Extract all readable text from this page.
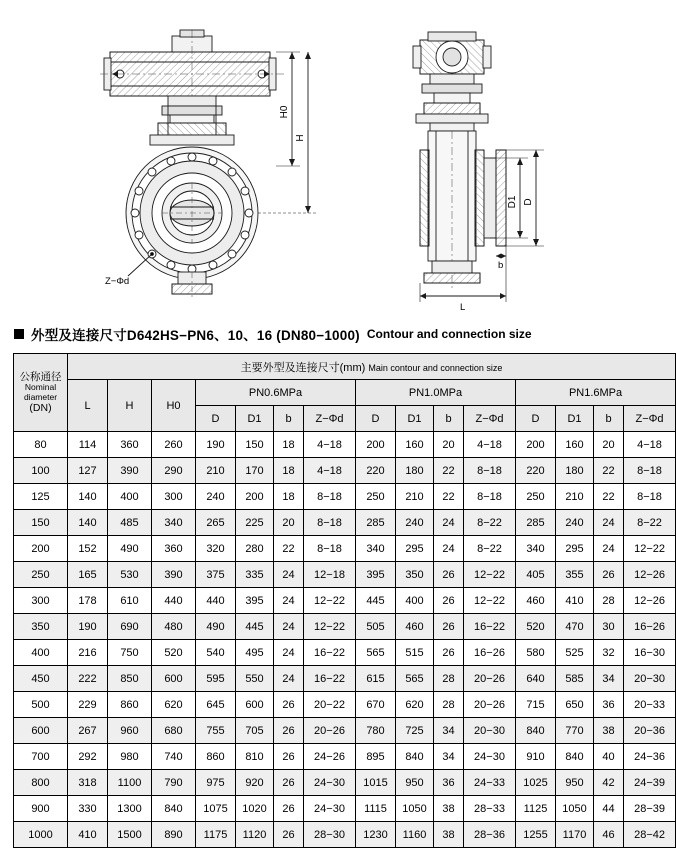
H0
H
Z−Φd
D1 D
b
L
外型及连接尺寸D642HS−PN6、10、16 (DN80−1000) Contour and connection size
公称通径
Nominal
diameter
(DN)	主要外型及连接尺寸(mm) Main contour and connection size														
	L	H	H0	PN0.6MPa				PN1.0MPa				PN1.6MPa			
				D	D1	b	Z−Φd	D	D1	b	Z−Φd	D	D1	b	Z−Φd
80	114	360	260	190	150	18	4−18	200	160	20	4−18	200	160	20	4−18
100	127	390	290	210	170	18	4−18	220	180	22	8−18	220	180	22	8−18
125	140	400	300	240	200	18	8−18	250	210	22	8−18	250	210	22	8−18
150	140	485	340	265	225	20	8−18	285	240	24	8−22	285	240	24	8−22
200	152	490	360	320	280	22	8−18	340	295	24	8−22	340	295	24	12−22
250	165	530	390	375	335	24	12−18	395	350	26	12−22	405	355	26	12−26
300	178	610	440	440	395	24	12−22	445	400	26	12−22	460	410	28	12−26
350	190	690	480	490	445	24	12−22	505	460	26	16−22	520	470	30	16−26
400	216	750	520	540	495	24	16−22	565	515	26	16−26	580	525	32	16−30
450	222	850	600	595	550	24	16−22	615	565	28	20−26	640	585	34	20−30
500	229	860	620	645	600	26	20−22	670	620	28	20−26	715	650	36	20−33
600	267	960	680	755	705	26	20−26	780	725	34	20−30	840	770	38	20−36
700	292	980	740	860	810	26	24−26	895	840	34	24−30	910	840	40	24−36
800	318	1100	790	975	920	26	24−30	1015	950	36	24−33	1025	950	42	24−39
900	330	1300	840	1075	1020	26	24−30	1115	1050	38	28−33	1125	1050	44	28−39
1000	410	1500	890	1175	1120	26	28−30	1230	1160	38	28−36	1255	1170	46	28−42
